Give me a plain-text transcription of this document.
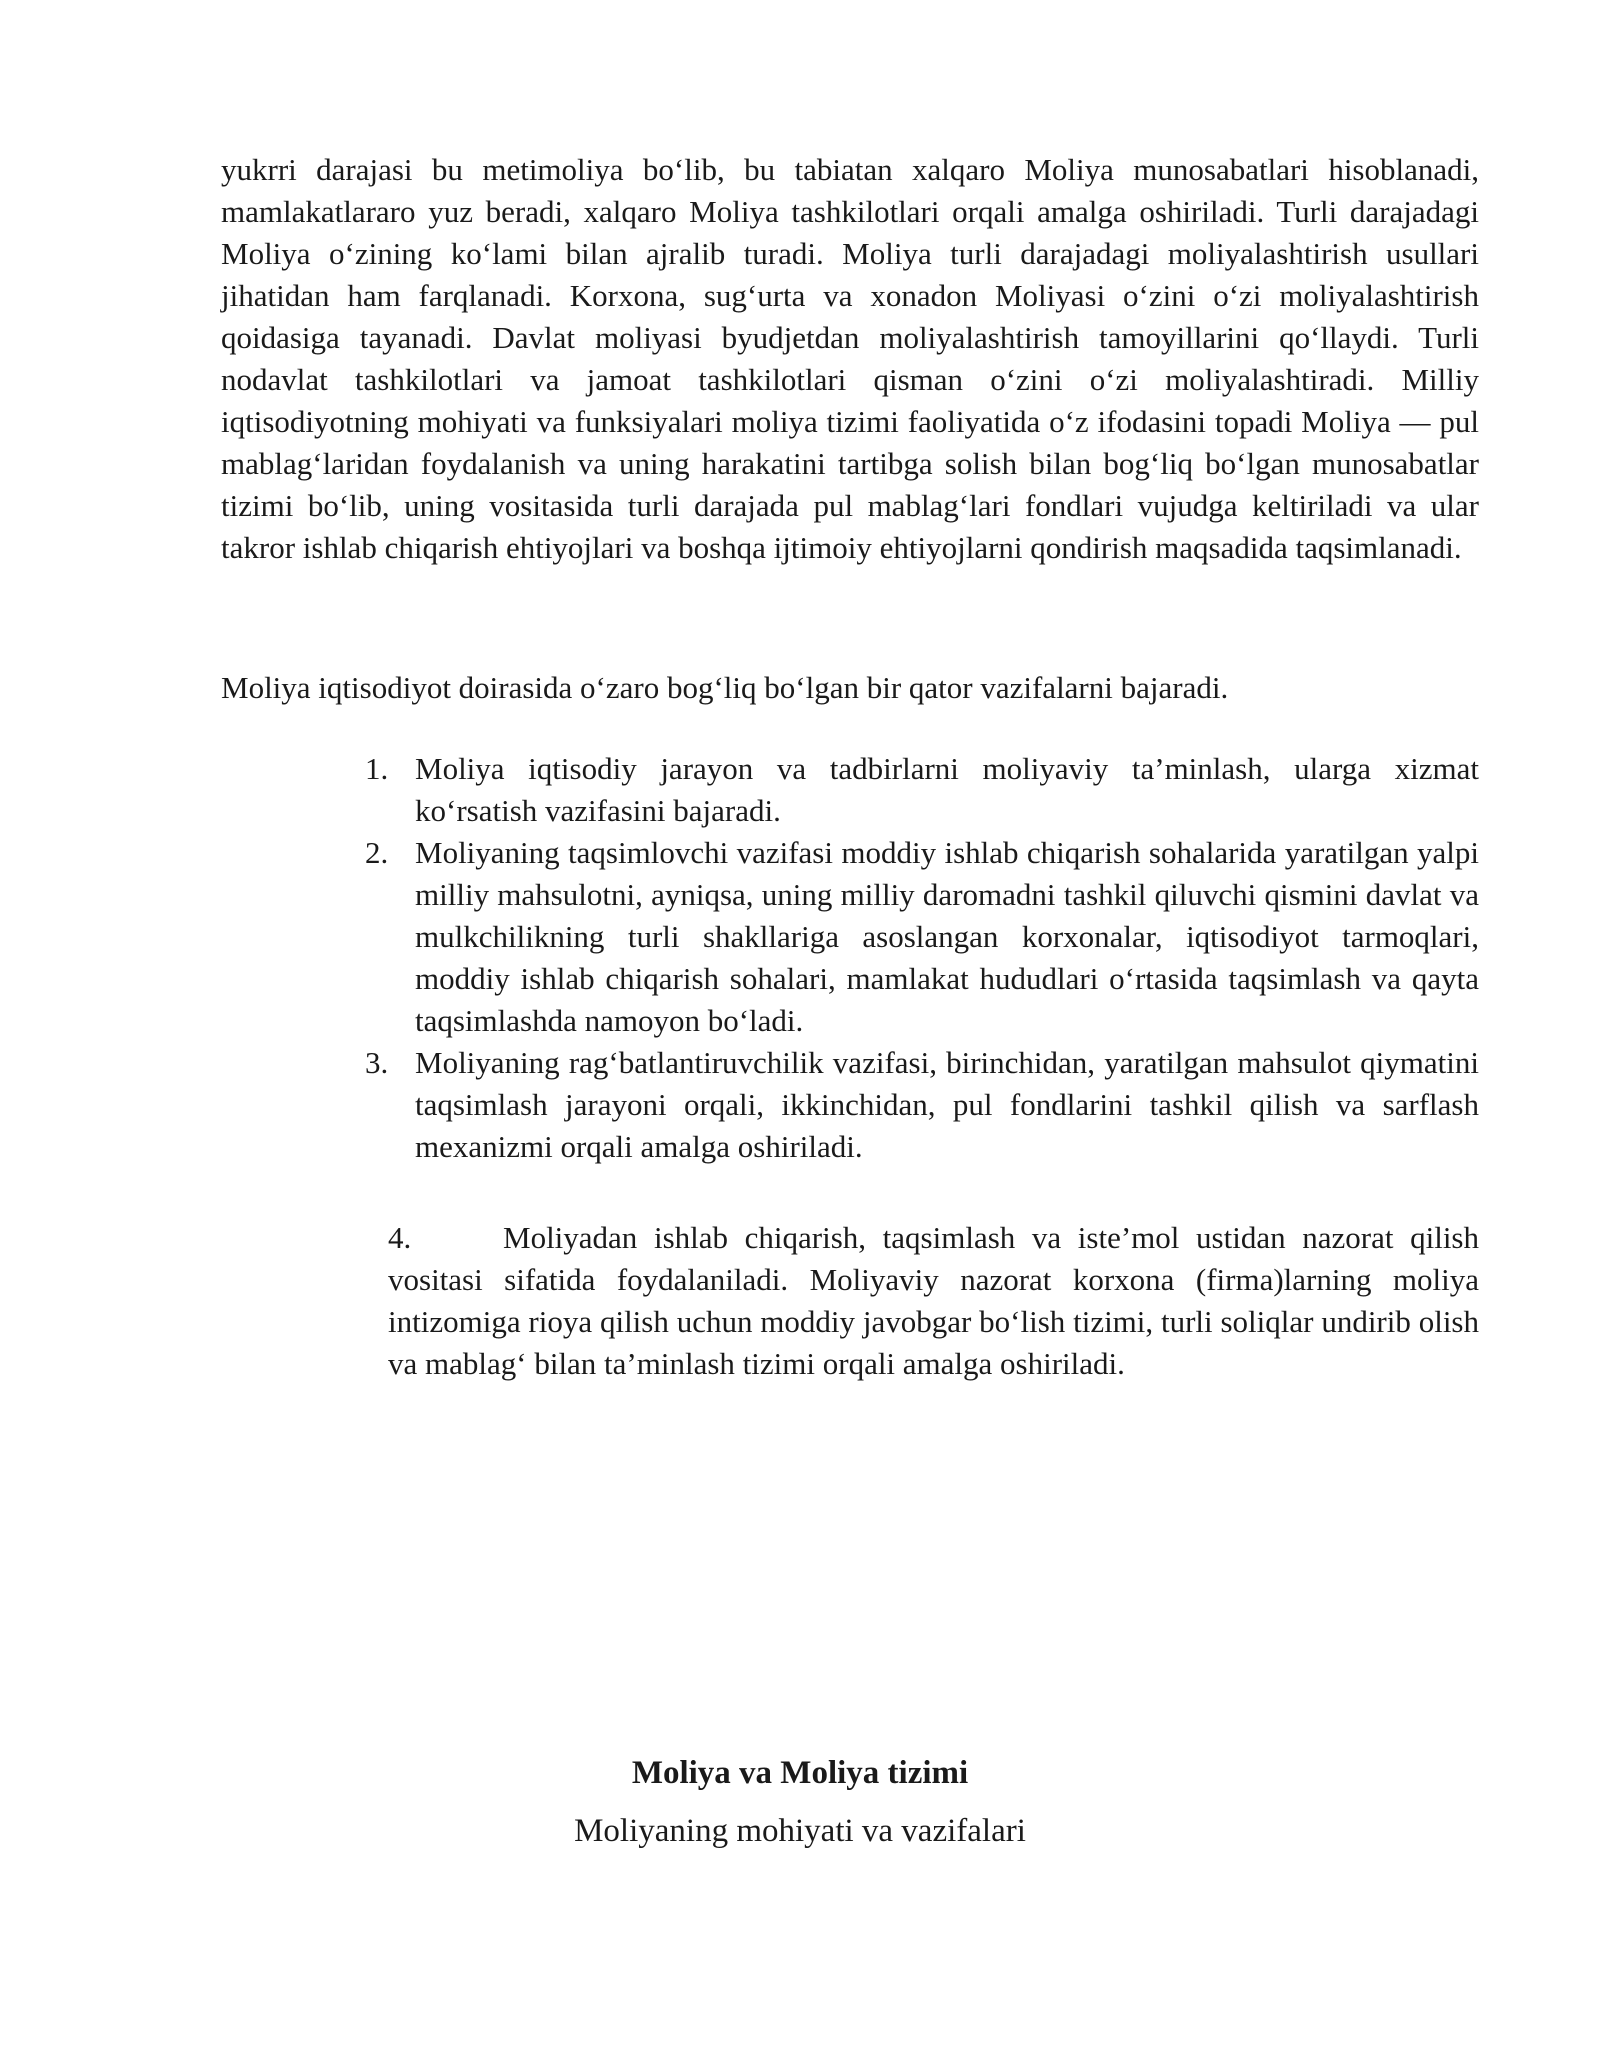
yukrri darajasi bu metimoliya bo‘lib, bu tabiatan xalqaro Moliya munosabatlari hisoblanadi, mamlakatlararo yuz beradi, xalqaro Moliya tashkilotlari orqali amalga oshiriladi. Turli darajadagi Moliya o‘zining ko‘lami bilan ajralib turadi. Moliya turli darajadagi moliyalashtirish usullari jihatidan ham farqlanadi. Korxona, sug‘urta va xonadon Moliyasi o‘zini o‘zi moliyalashtirish qoidasiga tayanadi. Davlat moliyasi byudjetdan moliyalashtirish tamoyillarini qo‘llaydi. Turli nodavlat tashkilotlari va jamoat tashkilotlari qisman o‘zini o‘zi moliyalashtiradi. Milliy iqtisodiyotning mohiyati va funksiyalari moliya tizimi faoliyatida o‘z ifodasini topadi Moliya — pul mablag‘laridan foydalanish va uning harakatini tartibga solish bilan bog‘liq bo‘lgan munosabatlar tizimi bo‘lib, uning vositasida turli darajada pul mablag‘lari fondlari vujudga keltiriladi va ular takror ishlab chiqarish ehtiyojlari va boshqa ijtimoiy ehtiyojlarni qondirish maqsadida taqsimlanadi.

Moliya iqtisodiyot doirasida o‘zaro bog‘liq bo‘lgan bir qator vazifalarni bajaradi.

1. Moliya iqtisodiy jarayon va tadbirlarni moliyaviy ta’minlash, ularga xizmat ko‘rsatish vazifasini bajaradi.
2. Moliyaning taqsimlovchi vazifasi moddiy ishlab chiqarish sohalarida yaratilgan yalpi milliy mahsulotni, ayniqsa, uning milliy daromadni tashkil qiluvchi qismini davlat va mulkchilikning turli shakllariga asoslangan korxonalar, iqtisodiyot tarmoqlari, moddiy ishlab chiqarish sohalari, mamlakat hududlari o‘rtasida taqsimlash va qayta taqsimlashda namoyon bo‘ladi.
3. Moliyaning rag‘batlantiruvchilik vazifasi, birinchidan, yaratilgan mahsulot qiymatini taqsimlash jarayoni orqali, ikkinchidan, pul fondlarini tashkil qilish va sarflash mexanizmi orqali amalga oshiriladi.

4.	Moliyadan ishlab chiqarish, taqsimlash va iste’mol ustidan nazorat qilish vositasi sifatida foydalaniladi. Moliyaviy nazorat korxona (firma)larning moliya intizomiga rioya qilish uchun moddiy javobgar bo‘lish tizimi, turli soliqlar undirib olish va mablag‘ bilan ta’minlash tizimi orqali amalga oshiriladi.

Moliya va Moliya tizimi

Moliyaning mohiyati va vazifalari
